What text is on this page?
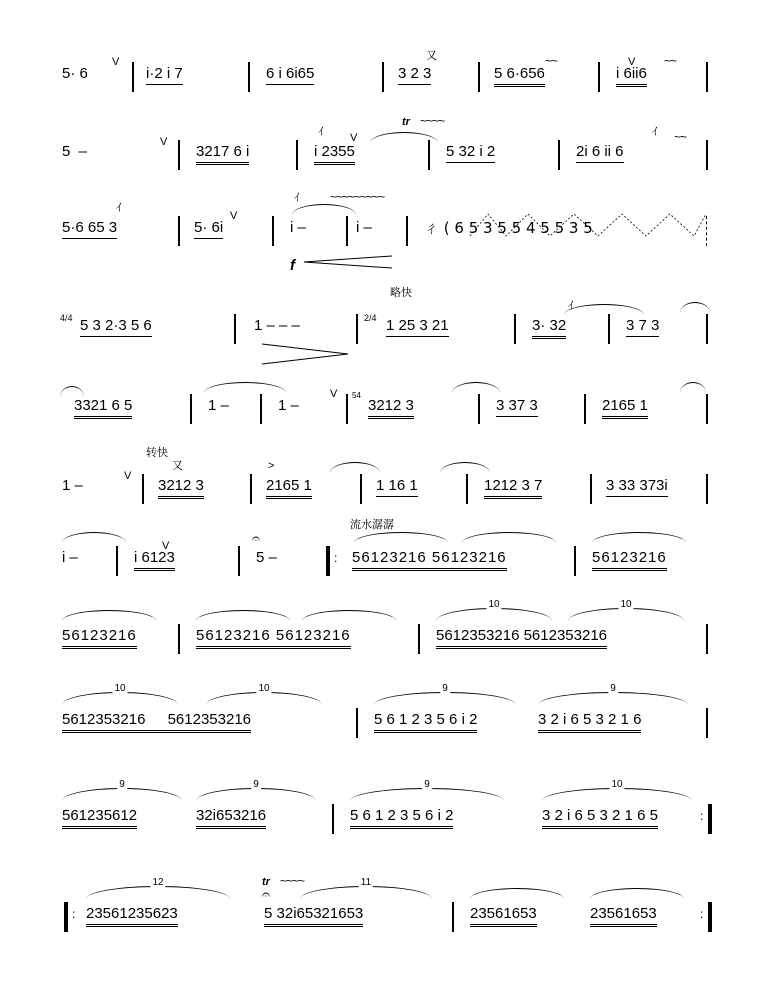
5· 6
V
i·2 i 7	6 i 6i65
又
3 2 3
~~
5 6·656
V ~~
i 6ii6
5  –
V
3217 6 i
ｲ V
tr ~~~~
i 2355	5 32 i 2
ｲ ~~
2i 6 ii 6
ｲ
5·6 65 3
V
5· 6i
ｲ	~~~~~~~~~
i –	i –	ㄔ ( 6 5 3 5 5 4 5 5 3 5
f
略快
4/4 5 3 2·3 5 6	1 – – –	2/4 1 25 3 21
ｲ
3· 32	3 7 3
3321 6 5	1 –	1 –
V 54
3212 3	3 37 3	2165 1
转快
又
1 –
V
3212 3
>
2165 1	1 16 1	1212 3 7	3 33 373i
流水潺潺
i –
V
i 6123
𝄐
5 –	: 56123216 56123216	56123216
56123216	56123216 56123216
10	10
5612353216 5612353216
10	10
5612353216 5612353216
9
5 6 1 2 3 5 6 i 2
9
3 2 i 6 5 3 2 1 6
9
561235612
9
32i653216
9
5 6 1 2 3 5 6 i 2
10
3 2 i 6 5 3 2 1 6 5	:
:
12
23561235623
tr ~~~~
𝄐
11
5 32i65321653	23561653	23561653	:
